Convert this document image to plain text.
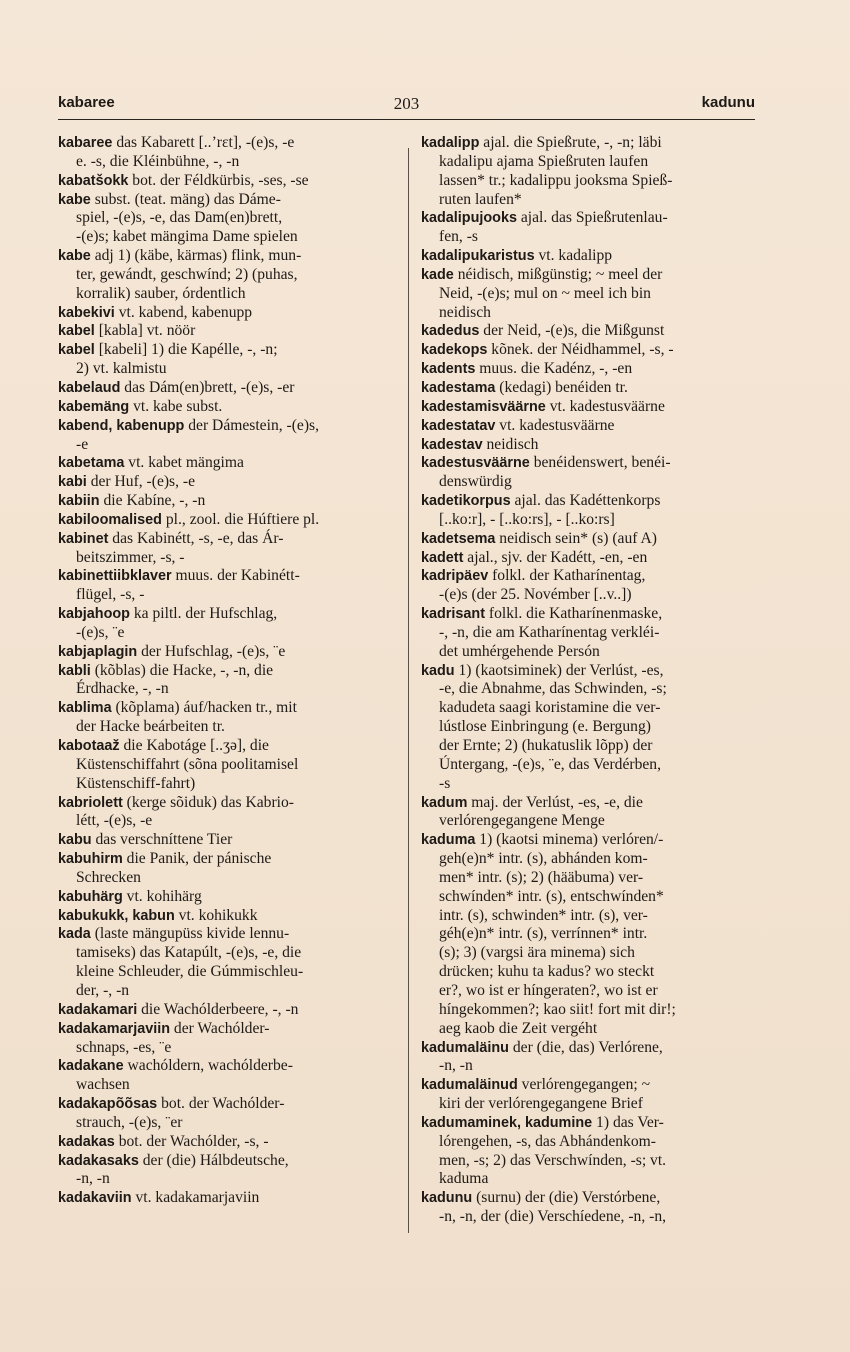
kabaree	203	kadunu
kabaree das Kabarett [..ʼrεt], -(e)s, -e
e. -s, die Kléinbühne, -, -n
kabatšokk bot. der Féldkürbis, -ses, -se
kabe subst. (teat. mäng) das Dáme-
spiel, -(e)s, -e, das Dam(en)brett,
-(e)s; kabet mängima Dame spielen
kabe adj 1) (käbe, kärmas) flink, mun-
ter, gewándt, geschwínd; 2) (puhas,
korralik) sauber, órdentlich
kabekivi vt. kabend, kabenupp
kabel [kabla] vt. nöör
kabel [kabeli] 1) die Kapélle, -, -n;
2) vt. kalmistu
kabelaud das Dám(en)brett, -(e)s, -er
kabemäng vt. kabe subst.
kabend, kabenupp der Dámestein, -(e)s,
-e
kabetama vt. kabet mängima
kabi der Huf, -(e)s, -e
kabiin die Kabíne, -, -n
kabiloomalised pl., zool. die Húftiere pl.
kabinet das Kabinétt, -s, -e, das Ár-
beitszimmer, -s, -
kabinettiibklaver muus. der Kabinétt-
flügel, -s, -
kabjahoop ka piltl. der Hufschlag,
-(e)s, ¨e
kabjaplagin der Hufschlag, -(e)s, ¨e
kabli (kõblas) die Hacke, -, -n, die
Érdhacke, -, -n
kablima (kõplama) áuf/hacken tr., mit
der Hacke beárbeiten tr.
kabotaaž die Kabotáge [..ʒə], die
Küstenschiffahrt (sõna poolitamisel
Küstenschiff-fahrt)
kabriolett (kerge sõiduk) das Kabrio-
létt, -(e)s, -e
kabu das verschníttene Tier
kabuhirm die Panik, der pánische
Schrecken
kabuhärg vt. kohihärg
kabukukk, kabun vt. kohikukk
kada (laste mängupüss kivide lennu-
tamiseks) das Katapúlt, -(e)s, -e, die
kleine Schleuder, die Gúmmischleu-
der, -, -n
kadakamari die Wachólderbeere, -, -n
kadakamarjaviin der Wachólder-
schnaps, -es, ¨e
kadakane wachóldern, wachólderbe-
wachsen
kadakapõõsas bot. der Wachólder-
strauch, -(e)s, ¨er
kadakas bot. der Wachólder, -s, -
kadakasaks der (die) Hálbdeutsche,
-n, -n
kadakaviin vt. kadakamarjaviin
kadalipp ajal. die Spießrute, -, -n; läbi
kadalipu ajama Spießruten laufen
lassen* tr.; kadalippu jooksma Spieß-
ruten laufen*
kadalipujooks ajal. das Spießrutenlau-
fen, -s
kadalipukaristus vt. kadalipp
kade néidisch, mißgünstig; ~ meel der
Neid, -(e)s; mul on ~ meel ich bin
neidisch
kadedus der Neid, -(e)s, die Mißgunst
kadekops kõnek. der Néidhammel, -s, -
kadents muus. die Kadénz, -, -en
kadestama (kedagi) benéiden tr.
kadestamisväärne vt. kadestusväärne
kadestatav vt. kadestusväärne
kadestav neidisch
kadestusväärne benéidenswert, benéi-
denswürdig
kadetikorpus ajal. das Kadéttenkorps
[..ko:r], - [..ko:rs], - [..ko:rs]
kadetsema neidisch sein* (s) (auf A)
kadett ajal., sjv. der Kadétt, -en, -en
kadripäev folkl. der Katharínentag,
-(e)s (der 25. Novémber [..v..])
kadrisant folkl. die Katharínenmaske,
-, -n, die am Katharínentag verkléi-
det umhérgehende Persón
kadu 1) (kaotsiminek) der Verlúst, -es,
-e, die Abnahme, das Schwinden, -s;
kadudeta saagi koristamine die ver-
lústlose Einbringung (e. Bergung)
der Ernte; 2) (hukatuslik lõpp) der
Úntergang, -(e)s, ¨e, das Verdérben,
-s
kadum maj. der Verlúst, -es, -e, die
verlórengegangene Menge
kaduma 1) (kaotsi minema) verlóren/-
geh(e)n* intr. (s), abhánden kom-
men* intr. (s); 2) (hääbuma) ver-
schwínden* intr. (s), entschwínden*
intr. (s), schwinden* intr. (s), ver-
géh(e)n* intr. (s), verrínnen* intr.
(s); 3) (vargsi ära minema) sich
drücken; kuhu ta kadus? wo steckt
er?, wo ist er híngeraten?, wo ist er
híngekommen?; kao siit! fort mit dir!;
aeg kaob die Zeit vergéht
kadumaläinu der (die, das) Verlórene,
-n, -n
kadumaläinud verlórengegangen; ~
kiri der verlórengegangene Brief
kadumaminek, kadumine 1) das Ver-
lórengehen, -s, das Abhándenkom-
men, -s; 2) das Verschwínden, -s; vt.
kaduma
kadunu (surnu) der (die) Verstórbene,
-n, -n, der (die) Verschíedene, -n, -n,
